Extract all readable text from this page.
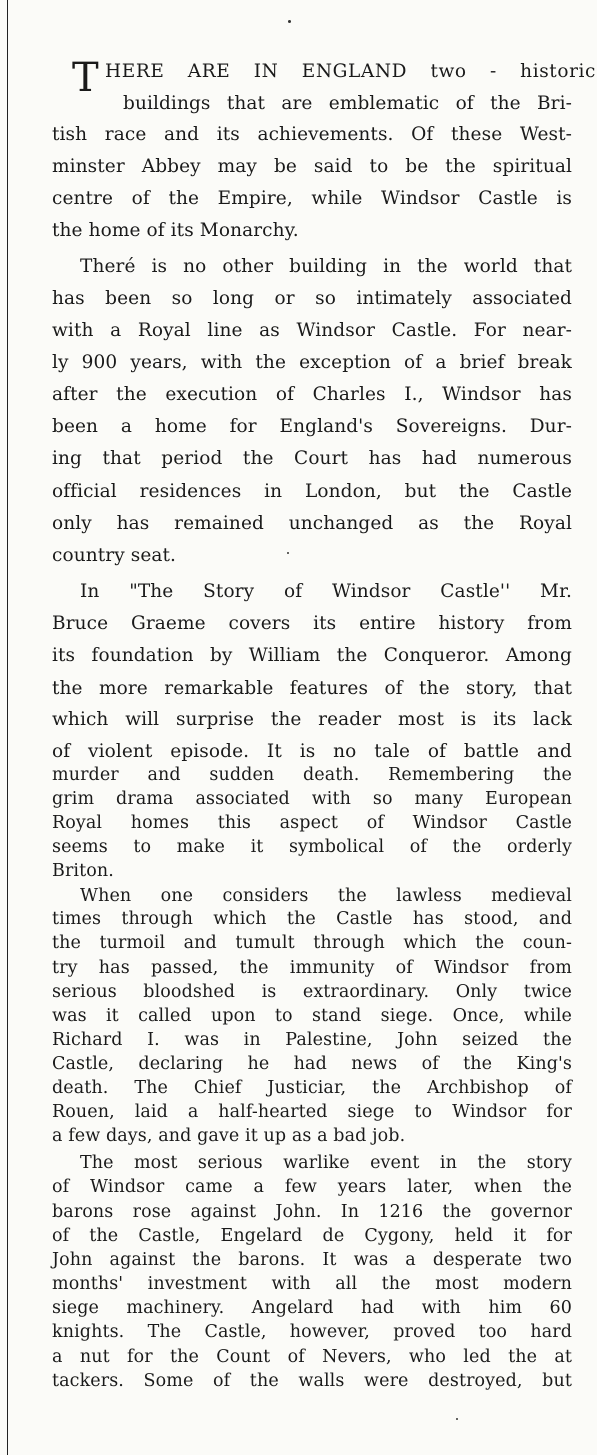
T HERE ARE IN ENGLAND two - historic
buildings that are emblematic of the Bri-
tish race and its achievements. Of these West-
minster Abbey may be said to be the spiritual
centre of the Empire, while Windsor Castle is
the home of its Monarchy.
Theré is no other building in the world that
has been so long or so intimately associated
with a Royal line as Windsor Castle. For near-
ly 900 years, with the exception of a brief break
after the execution of Charles I., Windsor has
been a home for England's Sovereigns. Dur-
ing that period the Court has had numerous
official residences in London, but the Castle
only has remained unchanged as the Royal
country seat.
In "The Story of Windsor Castle'' Mr.
Bruce Graeme covers its entire history from
its foundation by William the Conqueror. Among
the more remarkable features of the story, that
which will surprise the reader most is its lack
of violent episode. It is no tale of battle and
murder and sudden death. Remembering the
grim drama associated with so many European
Royal homes this aspect of Windsor Castle
seems to make it symbolical of the orderly
Briton.
When one considers the lawless medieval
times through which the Castle has stood, and
the turmoil and tumult through which the coun-
try has passed, the immunity of Windsor from
serious bloodshed is extraordinary. Only twice
was it called upon to stand siege. Once, while
Richard I. was in Palestine, John seized the
Castle, declaring he had news of the King's
death. The Chief Justiciar, the Archbishop of
Rouen, laid a half-hearted siege to Windsor for
a few days, and gave it up as a bad job.
The most serious warlike event in the story
of Windsor came a few years later, when the
barons rose against John. In 1216 the governor
of the Castle, Engelard de Cygony, held it for
John against the barons. It was a desperate two
months' investment with all the most modern
siege machinery. Angelard had with him 60
knights. The Castle, however, proved too hard
a nut for the Count of Nevers, who led the at
tackers. Some of the walls were destroyed, but
